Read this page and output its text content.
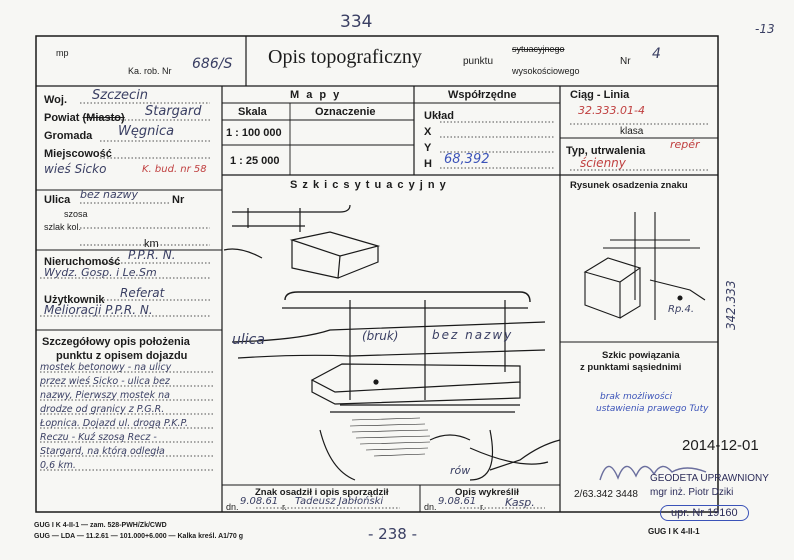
334	-13
mp
Ka. rob. Nr 686/S Opis topograficzny	punktu
sytuacyjnego
wysokościowego
Nr 4
Woj. Szczecin
Powiat (Miasto) Stargard
Gromada Węgnica
Miejscowość
wieś Sicko	K. bud. nr 58
Ulica bez nazwy	Nr
szosa
szlak kol.
km
Nieruchomość P.P.R. N.
Wydz. Gosp. i Le.Sm
Użytkownik Referat
Melioracji P.P.R. N.
Szczegółowy opis położenia
punktu z opisem dojazdu
mostek betonowy - na ulicy
przez wieś Sicko - ulica bez
nazwy, Pierwszy mostek na
drodze od granicy z P.G.R.
Łopnica. Dojazd ul. drogą P.K.P.
Reczu - Kuź szosą Recz -
Stargard, na którą odległa
0,6 km.
M a p y
Skala	Oznaczenie
1 : 100 000
1 : 25 000
Współrzędne
Układ
X
Y
H 68,392
Ciąg - Linia
32.333.01-4
klasa
Typ, utrwalenia repér
ścienny
S z k i c s y t u a c y j n y
ulica	(bruk)	bez nazwy
rów
Rysunek osadzenia znaku
Rp.4.
Szkic powiązania
z punktami sąsiednimi
brak możliwości
ustawienia prawego Tuty
342.333
Znak osadził i opis sporządził
dn. 9.08.61 r. Tadeusz Jabłoński
Opis wykreślił
dn. 9.08.61 r. Kasp.
2014-12-01
GEODETA UPRAWNIONY
mgr inż. Piotr Dziki
upr. Nr 19160
2/63.342 3448
GUG I K 4-II-1 — zam. 528-PWH/Zk/CWD
GUG — LDA — 11.2.61 — 101.000+6.000 — Kalka kreśl. A1/70 g	- 238 -	GUG I K 4-II-1
